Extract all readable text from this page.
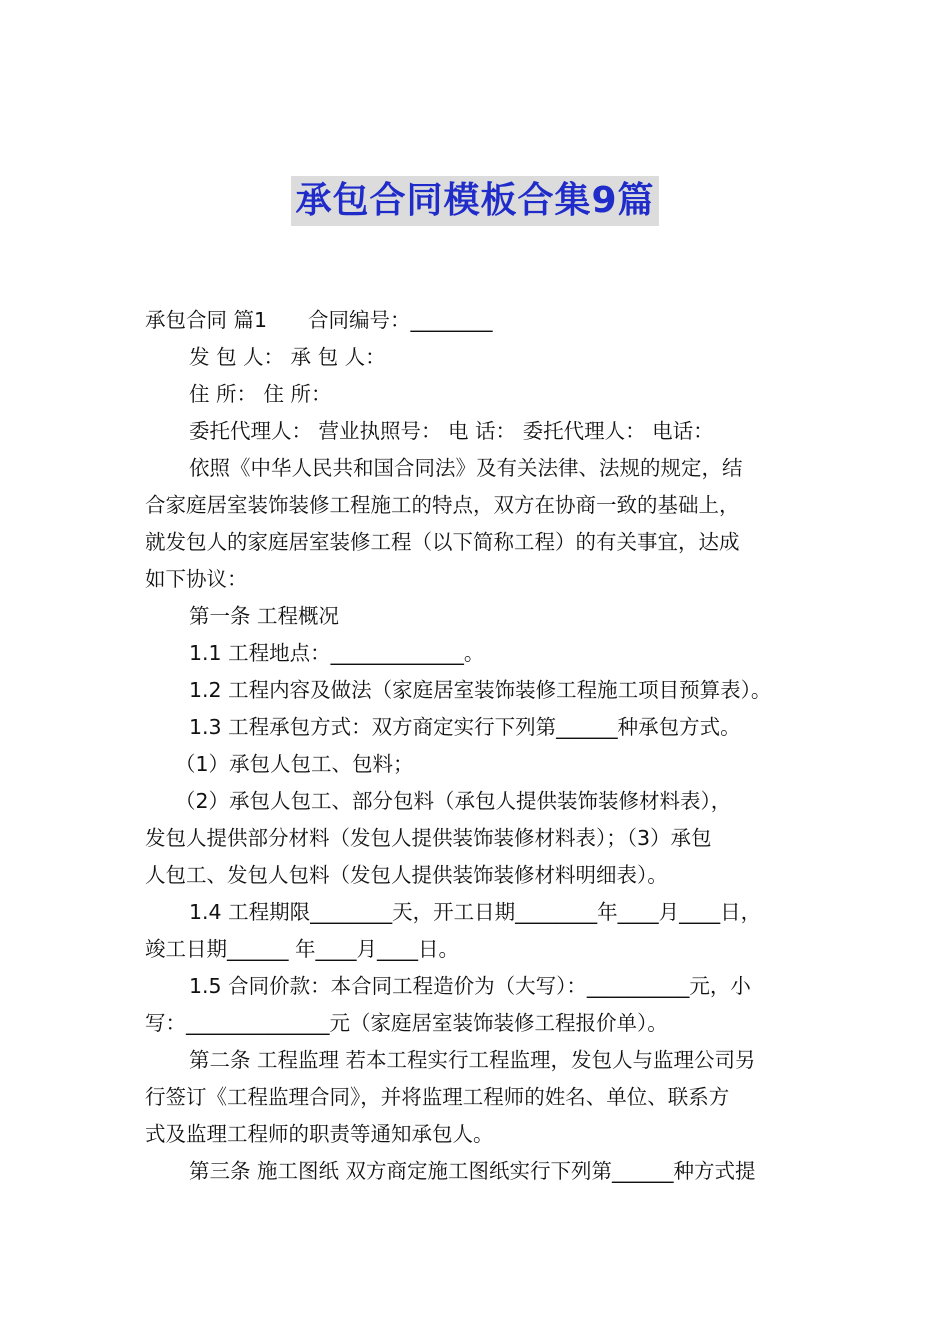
承包合同模板合集9篇
承包合同 篇1　　合同编号：________
发 包 人： 承 包 人：
住 所： 住 所：
委托代理人： 营业执照号： 电 话： 委托代理人： 电话：
依照《中华人民共和国合同法》及有关法律、法规的规定，结
合家庭居室装饰装修工程施工的特点，双方在协商一致的基础上，
就发包人的家庭居室装修工程（以下简称工程）的有关事宜，达成
如下协议：
第一条 工程概况
1.1 工程地点：_____________。
1.2 工程内容及做法（家庭居室装饰装修工程施工项目预算表）。
1.3 工程承包方式：双方商定实行下列第______种承包方式。
（1）承包人包工、包料；
（2）承包人包工、部分包料（承包人提供装饰装修材料表），
发包人提供部分材料（发包人提供装饰装修材料表）；（3）承包
人包工、发包人包料（发包人提供装饰装修材料明细表）。
1.4 工程期限________天，开工日期________年____月____日，
竣工日期______ 年____月____日。
1.5 合同价款：本合同工程造价为（大写）：__________元，小
写：______________元（家庭居室装饰装修工程报价单）。
第二条 工程监理 若本工程实行工程监理，发包人与监理公司另
行签订《工程监理合同》，并将监理工程师的姓名、单位、联系方
式及监理工程师的职责等通知承包人。
第三条 施工图纸 双方商定施工图纸实行下列第______种方式提
